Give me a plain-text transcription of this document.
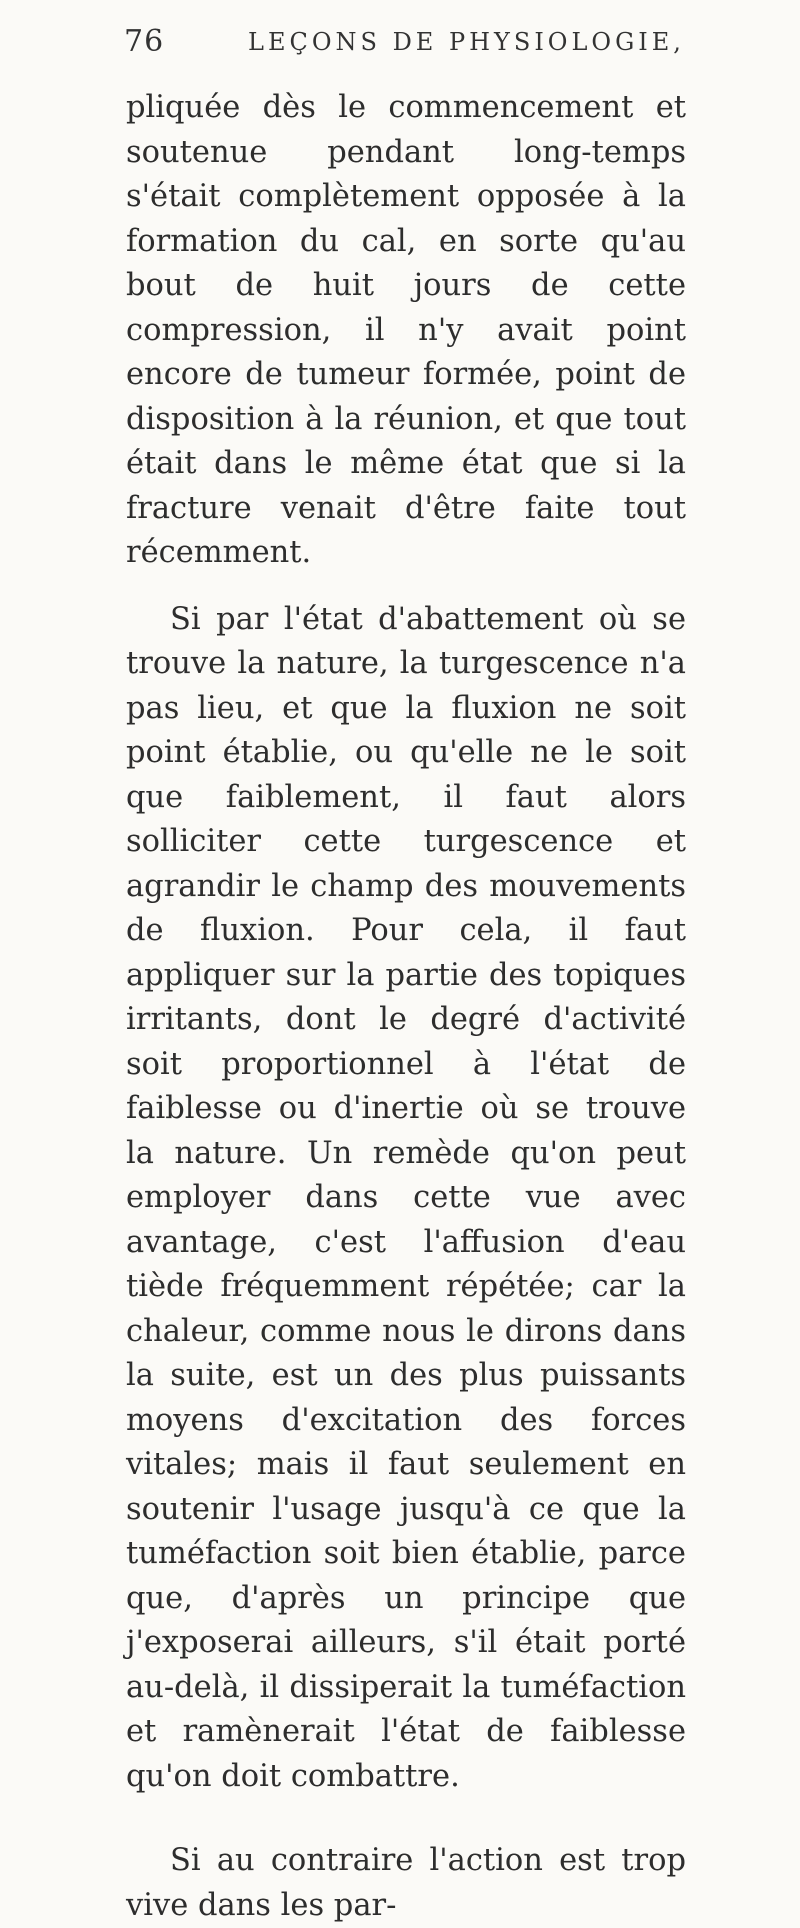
76	LEÇONS DE PHYSIOLOGIE,

pliquée dès le commencement et soutenue pendant long-temps s'était complètement opposée à la formation du cal, en sorte qu'au bout de huit jours de cette compression, il n'y avait point encore de tumeur formée, point de disposition à la réunion, et que tout était dans le même état que si la fracture venait d'être faite tout récemment.

Si par l'état d'abattement où se trouve la nature, la turgescence n'a pas lieu, et que la fluxion ne soit point établie, ou qu'elle ne le soit que faiblement, il faut alors solliciter cette turgescence et agrandir le champ des mouvements de fluxion. Pour cela, il faut appliquer sur la partie des topiques irritants, dont le degré d'activité soit proportionnel à l'état de faiblesse ou d'inertie où se trouve la nature. Un remède qu'on peut employer dans cette vue avec avantage, c'est l'affusion d'eau tiède fréquemment répétée; car la chaleur, comme nous le dirons dans la suite, est un des plus puissants moyens d'excitation des forces vitales; mais il faut seulement en soutenir l'usage jusqu'à ce que la tuméfaction soit bien établie, parce que, d'après un principe que j'exposerai ailleurs, s'il était porté au-delà, il dissiperait la tuméfaction et ramènerait l'état de faiblesse qu'on doit combattre.

Si au contraire l'action est trop vive dans les par-
